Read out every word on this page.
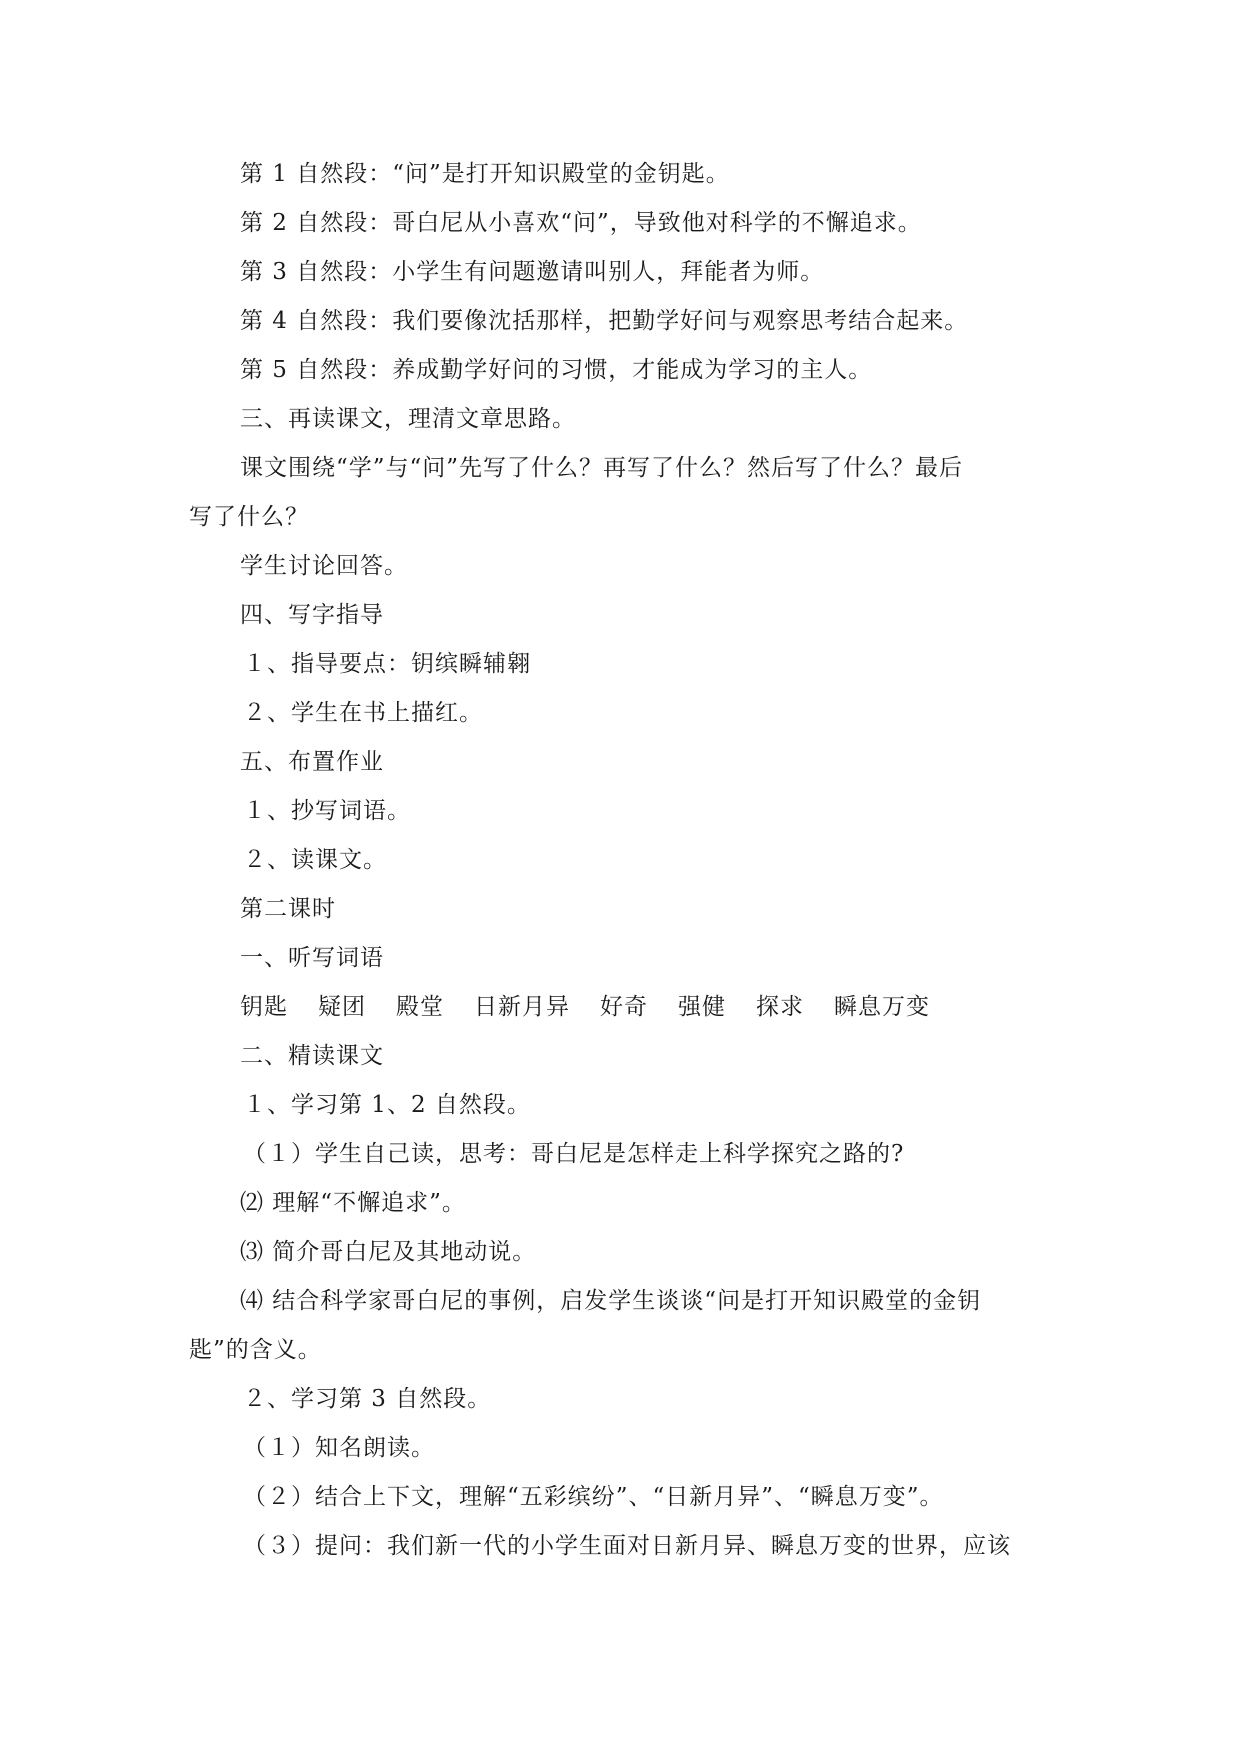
第 1 自然段：“问”是打开知识殿堂的金钥匙。
第 2 自然段：哥白尼从小喜欢“问”，导致他对科学的不懈追求。
第 3 自然段：小学生有问题邀请叫别人，拜能者为师。
第 4 自然段：我们要像沈括那样，把勤学好问与观察思考结合起来。
第 5 自然段：养成勤学好问的习惯，才能成为学习的主人。
三、再读课文，理清文章思路。
课文围绕“学”与“问”先写了什么？再写了什么？然后写了什么？最后
写了什么？
学生讨论回答。
四、写字指导
１、指导要点：钥缤瞬辅翱
２、学生在书上描红。
五、布置作业
１、抄写词语。
２、读课文。
第二课时
一、听写词语
钥匙 疑团 殿堂 日新月异 好奇 强健 探求 瞬息万变
二、精读课文
１、学习第 1、2 自然段。
（１）学生自己读，思考：哥白尼是怎样走上科学探究之路的?
⑵ 理解“不懈追求”。
⑶ 简介哥白尼及其地动说。
⑷ 结合科学家哥白尼的事例，启发学生谈谈“问是打开知识殿堂的金钥
匙”的含义。
２、学习第 3 自然段。
（１）知名朗读。
（２）结合上下文，理解“五彩缤纷”、“日新月异”、“瞬息万变”。
（３）提问：我们新一代的小学生面对日新月异、瞬息万变的世界，应该
